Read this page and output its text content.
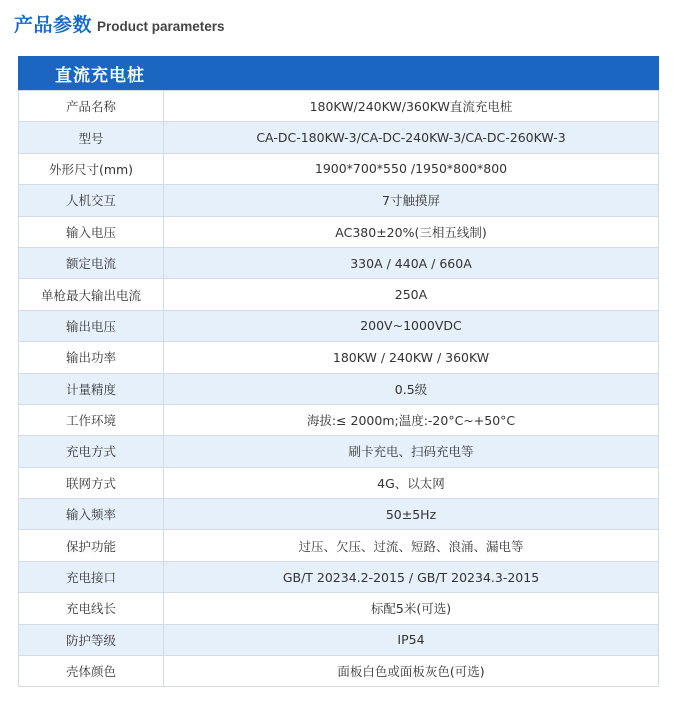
产品参数 Product parameters
直流充电桩
产品名称	180KW/240KW/360KW直流充电桩
型号	CA-DC-180KW-3/CA-DC-240KW-3/CA-DC-260KW-3
外形尺寸(mm)	1900*700*550 /1950*800*800
人机交互	7寸触摸屏
输入电压	AC380±20%(三相五线制)
额定电流	330A / 440A / 660A
单枪最大输出电流	250A
输出电压	200V~1000VDC
输出功率	180KW / 240KW / 360KW
计量精度	0.5级
工作环境	海拔:≤ 2000m;温度:-20°C~+50°C
充电方式	刷卡充电、扫码充电等
联网方式	4G、以太网
输入频率	50±5Hz
保护功能	过压、欠压、过流、短路、浪涌、漏电等
充电接口	GB/T 20234.2-2015 / GB/T 20234.3-2015
充电线长	标配5米(可选)
防护等级	IP54
壳体颜色	面板白色或面板灰色(可选)
